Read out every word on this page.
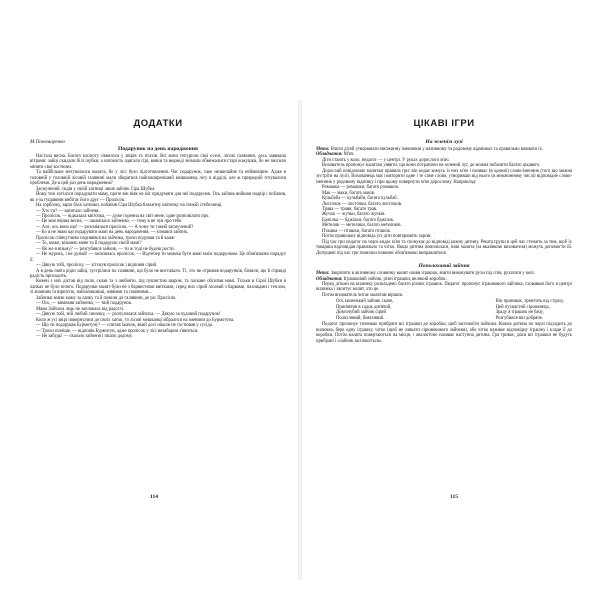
ДОДАТКИ
М.Пономаренко
Подарунок на день народження

Настала весна. Багато клопоту з'явилося у звірів та птахів. Всі вони тепурили свої оселі, лісові галявини, десь завивала вітрами: зайці скидали білі шубки, а натомість одягали сірі, вовки та ведмеді знімали обмежалися старі кожушки, бо не змісили міняти свої костюми.

Та найбільше метушилися малята, бо у лісі було підготовлення. Час подарунок, таке незвичайне та неймовірне. Адже в головній у головній лісовій галявині мали збиратися найпоширеніший мешканець лісу в відділі, але ж природній готувалися проблеми. Де в цей раз день народження?

Засмучений, сидів у своїй хатинці лише зайчик Сіра Шубка.

Йому теж хотілося порадувати маму, проте він ніяк не міг придумати для неї подарунок. Ось зайчик вийшов надвір і побачив, як з-за гущавини вибігає його друг — Пролісок.

На горбочку, зараз біля хатинки, побачив Сіра Шубка блакитну квіточку на тонкій стебелинці.

— Хто ти? — запитало зайченя.

— Пролісок, — відказала квіточка, — дуже горенна на світ мене, одне розповілати про.

— Це моя перша весна, — ошанськіо зайченко, — тому я не чув про тебе.

— Але, ось воно що! — розсміялася пролісок. — А чому ти такий засмучений?

— Бо я не знаю що подарувати мамі на день народження, — зізнався зайчик.

Пролісок співчутливо подивився на зайчика, трохи подумав та й каже:

— То, може, візьмеш мене та й подаруєш своїй мамі?

— Як же я візьму? — розгубився зайчик, — ти ж тоді не будеш рости.

— Не журись, і не думай! — засміялась пролісок. — Відтепер ти можеш бути мамі моїм подарунком. Це обов'язково порадує її.

— Дякую тобі, проліску, — зітхнув пролісок і відповів сірий.

А в день свята рідні зайці, зустрілися по галявині, що було не вистачало. Ті, хто не отримав подарунків, бачили, що й справді радість приходить.

Кожен з них дістав від поля, склав та з любов'ю, під пушистим шаром, та ласкаво обсипав мамі. Тільки в Сірої Шубки в лапках не було нічого. Подарунки малят були не з барвистими квітками, серед них сірий лісовий з барвами, пахощами і теплом, зі знанням та вірністю, найзапашніші, живими та смачними...

Зайчики взяли маму за лапку та й повели до галявини, де ріс Пролісок.

— Ось, — вимовив зайченко, — твій подарунок.

Мама Зайчиха ледь не заплакала від радості.

— Дякую тобі, мій любий синочку, — розчулилася зайчиха. — Дякую за чудовий подарунок!

Коли ж усі звірі повернулися до своїх хаток, то лісові мешканці зібралися на іменини до Бурмотуна.

— Що ти подарував Бурмотуну? — спитав їжачок, який досі ніколи не гостював у сусіда.

— Трохи пізніше, — відповів Бурмотун, адже пролісок у лісі незабаром з'явиться.

— Не забудь! — сказало зайченя і пішло додому.

114
ЦІКАВІ ІГРИ
На зеленім лузі

Мета: Вчити дітей утворювати множинну іменників у називному та родовому відмінках та правильно вживати їх.

Обладнання: М'яч.

Діти стають у коло, педагог — у центрі. У руках дорослого м'яч.

Вихователь пропонує малятам уявити, що вони потрапили на зелений луг, де можна побачити багато цікавого.

Дорослий повідомляє малятам правила гри: він кидає комусь із них м'яч і називає (в однині) слово-іменник (того що можна зустріти на лузі). Вихованець має повторити одне і те саме слово, утворивши від нього (в множинному числі) відповідне слово-іменник у родовому відмінку і при цьому повернути м'яч дорослому. Наприклад:

Ромашка — ромашки, багато ромашок.
Мак — маки, багато маків.
Кульбаба — кульбаби, багато кульбаб.
Листочок — листочки, багато листочків.
Травa — трави, багато трав.
Жучок — жучки, багато жучків.
Бджілка — бджілки, багато бджілок.
Метелик — метелики, багато метеликів.
Пташка — пташки, багато пташок.

Потім правильну відповідь усі діти повторюють хором.

Під час гри педагог по черзі кидає м'яч та спонукає до відповіді кожну дитину. Решта групи в цей час стежить за тим, щоб їх товариш відповідав правильно та чітко. Якщо дитина помилилася, інші малята (за вказівкою вихователя) можуть допомогти їй. Допущені під час гри помилки повинні обов'язково виправлятися.

Пополохавий зайчик

Мета: Закріпити в активному словнику малят назви іграшок, вчити виконувати рухи під спів, рухатися у колі.

Обладнання: Іграшковий зайчик, різні іграшки, великий коробок.

Перед дітьми на килимку розкладено багато різних іграшок. Педагог пропонує іграшкового зайчика, сховавши його в центрі килимка і запитує малят, хто це.

Потім вихователь читає малятам віршик:

Ось маленький зайчик скаче,
Присвятив в садок дитячий,
Довгочубий зайчик сірий
Полохливий, боязливий.
Він принишк, тремтить від страху,
Цей пухнастий сіроманець,
Зраду я іграшок не бачу,
Розгубився він добряче.

Педагог пропонує тихенько прибрати всі іграшки до коробки, щоб заспокоїти зайчика. Кожна дитина по черзі підходить до килимка, бере одну іграшку, чітко (щоб не злякати сірювокового зайченя), або чітко називає відповідну іграшку і кладе її до коробки. Потім малята повертаються на місця, і аналогічно називає наступна дитина. Гра триває, доки всі іграшки не будуть прибрані і «зайчик заспокоїться».

115
